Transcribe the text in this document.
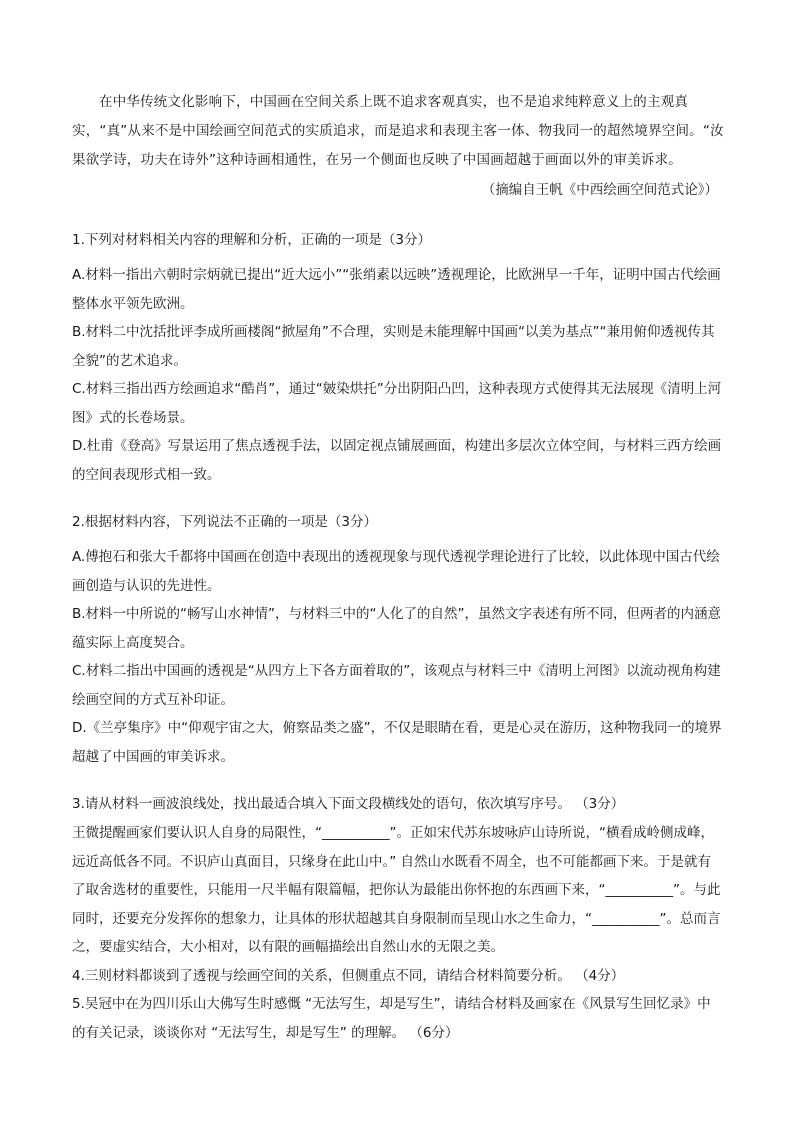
在中华传统文化影响下，中国画在空间关系上既不追求客观真实，也不是追求纯粹意义上的主观真实，“真”从来不是中国绘画空间范式的实质追求，而是追求和表现主客一体、物我同一的超然境界空间。“汝果欲学诗，功夫在诗外”这种诗画相通性，在另一个侧面也反映了中国画超越于画面以外的审美诉求。

（摘编自王帆《中西绘画空间范式论》）

1.下列对材料相关内容的理解和分析，正确的一项是（3分）

A.材料一指出六朝时宗炳就已提出“近大远小”“张绡素以远映”透视理论，比欧洲早一千年，证明中国古代绘画整体水平领先欧洲。

B.材料二中沈括批评李成所画楼阁“掀屋角”不合理，实则是未能理解中国画“以美为基点”“兼用俯仰透视传其全貌”的艺术追求。

C.材料三指出西方绘画追求“酷肖”，通过“皴染烘托”分出阴阳凸凹，这种表现方式使得其无法展现《清明上河图》式的长卷场景。

D.杜甫《登高》写景运用了焦点透视手法，以固定视点铺展画面，构建出多层次立体空间，与材料三西方绘画的空间表现形式相一致。

2.根据材料内容，下列说法不正确的一项是（3分）

A.傅抱石和张大千都将中国画在创造中表现出的透视现象与现代透视学理论进行了比较，以此体现中国古代绘画创造与认识的先进性。

B.材料一中所说的“畅写山水神情”，与材料三中的“人化了的自然”，虽然文字表述有所不同，但两者的内涵意蕴实际上高度契合。

C.材料二指出中国画的透视是“从四方上下各方面着取的”，该观点与材料三中《清明上河图》以流动视角构建绘画空间的方式互补印证。

D.《兰亭集序》中“仰观宇宙之大，俯察品类之盛”，不仅是眼睛在看，更是心灵在游历，这种物我同一的境界超越了中国画的审美诉求。

3.请从材料一画波浪线处，找出最适合填入下面文段横线处的语句，依次填写序号。 （3分）

王微提醒画家们要认识人自身的局限性，“__________”。正如宋代苏东坡咏庐山诗所说，“横看成岭侧成峰，远近高低各不同。不识庐山真面目，只缘身在此山中。” 自然山水既看不周全，也不可能都画下来。于是就有了取舍选材的重要性，只能用一尺半幅有限篇幅，把你认为最能出你怀抱的东西画下来，“__________”。与此同时，还要充分发挥你的想象力，让具体的形状超越其自身限制而呈现山水之生命力，“__________”。总而言之，要虚实结合，大小相对，以有限的画幅描绘出自然山水的无限之美。

4.三则材料都谈到了透视与绘画空间的关系，但侧重点不同，请结合材料简要分析。 （4分）

5.吴冠中在为四川乐山大佛写生时感慨 “无法写生，却是写生”，请结合材料及画家在《风景写生回忆录》中的有关记录，谈谈你对 “无法写生，却是写生” 的理解。 （6分）
